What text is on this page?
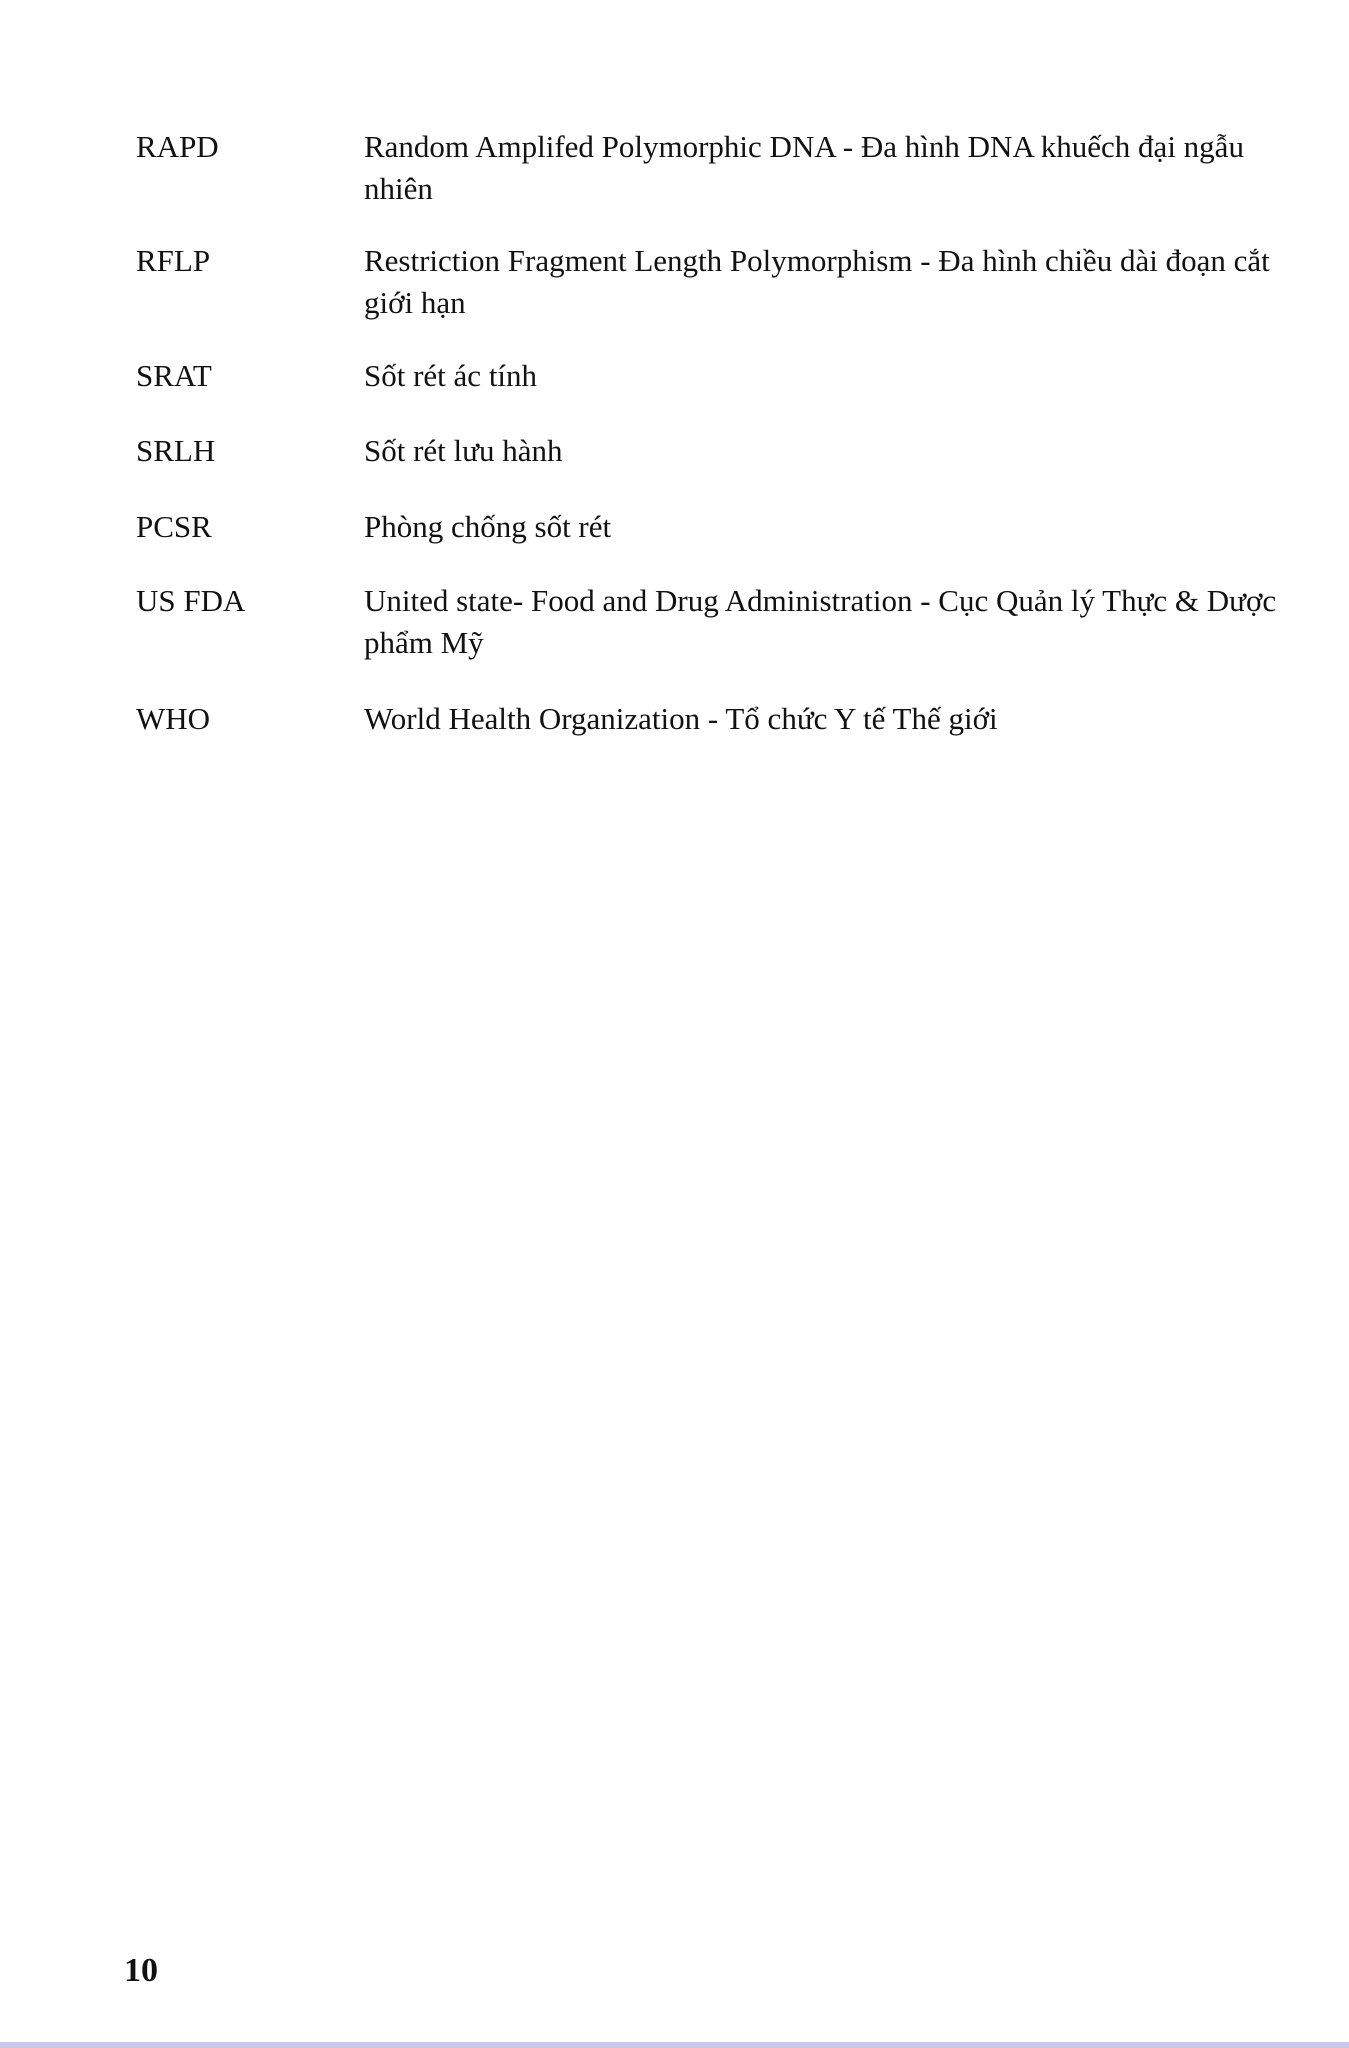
RAPD	Random Amplifed Polymorphic DNA - Đa hình DNA khuếch đại ngẫu nhiên
RFLP	Restriction Fragment Length Polymorphism - Đa hình chiều dài đoạn cắt giới hạn
SRAT	Sốt rét ác tính
SRLH	Sốt rét lưu hành
PCSR	Phòng chống sốt rét
US FDA	United state- Food and Drug Administration - Cục Quản lý Thực & Dược phẩm Mỹ
WHO	World Health Organization - Tổ chức Y tế Thế giới
10
